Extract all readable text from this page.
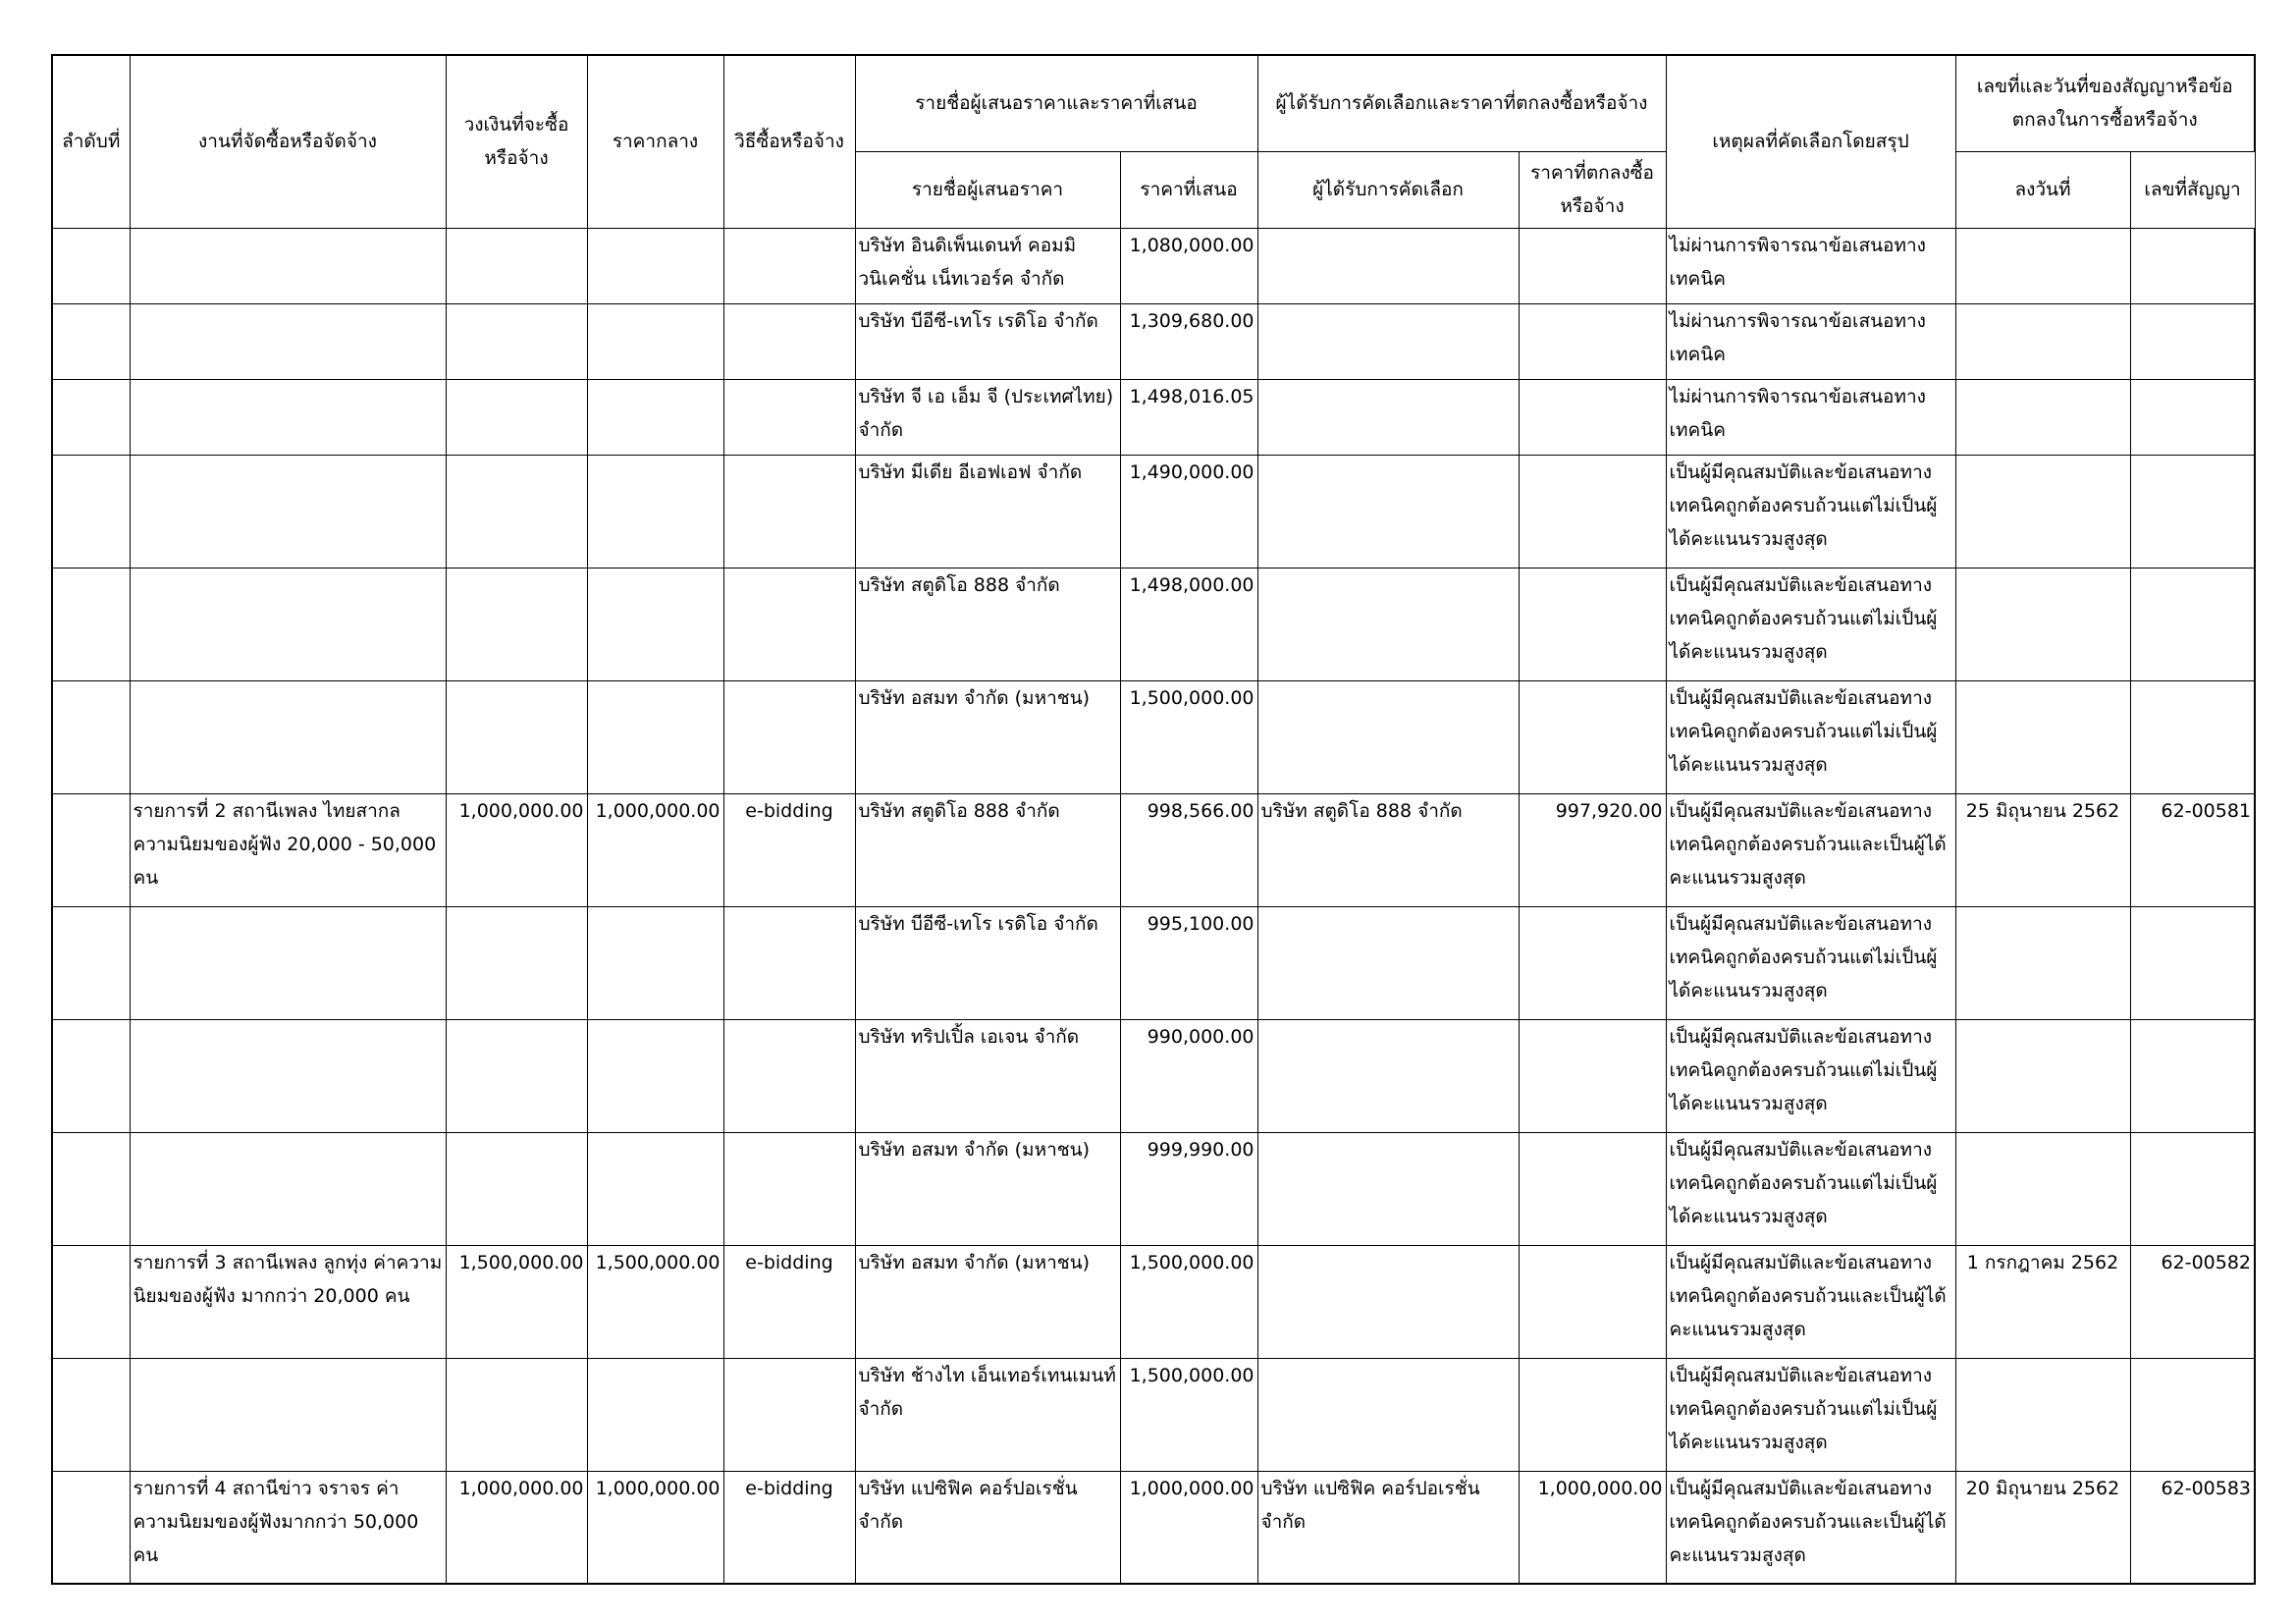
ลำดับที่	งานที่จัดซื้อหรือจัดจ้าง	วงเงินที่จะซื้อหรือจ้าง	ราคากลาง	วิธีซื้อหรือจ้าง	รายชื่อผู้เสนอราคาและราคาที่เสนอ		ผู้ได้รับการคัดเลือกและราคาที่ตกลงซื้อหรือจ้าง		เหตุผลที่คัดเลือกโดยสรุป	เลขที่และวันที่ของสัญญาหรือข้อตกลงในการซื้อหรือจ้าง	
					รายชื่อผู้เสนอราคา	ราคาที่เสนอ	ผู้ได้รับการคัดเลือก	ราคาที่ตกลงซื้อหรือจ้าง		ลงวันที่	เลขที่สัญญา
					บริษัท อินดิเพ็นเดนท์ คอมมิวนิเคชั่น เน็ทเวอร์ค จำกัด	1,080,000.00			ไม่ผ่านการพิจารณาข้อเสนอทางเทคนิค		
					บริษัท บีอีซี-เทโร เรดิโอ จำกัด	1,309,680.00			ไม่ผ่านการพิจารณาข้อเสนอทางเทคนิค		
					บริษัท จี เอ เอ็ม จี (ประเทศไทย) จำกัด	1,498,016.05			ไม่ผ่านการพิจารณาข้อเสนอทางเทคนิค		
					บริษัท มีเดีย อีเอฟเอฟ จำกัด	1,490,000.00			เป็นผู้มีคุณสมบัติและข้อเสนอทางเทคนิคถูกต้องครบถ้วนแต่ไม่เป็นผู้ได้คะแนนรวมสูงสุด		
					บริษัท สตูดิโอ 888 จำกัด	1,498,000.00			เป็นผู้มีคุณสมบัติและข้อเสนอทางเทคนิคถูกต้องครบถ้วนแต่ไม่เป็นผู้ได้คะแนนรวมสูงสุด		
					บริษัท อสมท จำกัด (มหาชน)	1,500,000.00			เป็นผู้มีคุณสมบัติและข้อเสนอทางเทคนิคถูกต้องครบถ้วนแต่ไม่เป็นผู้ได้คะแนนรวมสูงสุด		
	รายการที่ 2 สถานีเพลง ไทยสากล ความนิยมของผู้ฟัง 20,000 - 50,000 คน	1,000,000.00	1,000,000.00	e-bidding	บริษัท สตูดิโอ 888 จำกัด	998,566.00	บริษัท สตูดิโอ 888 จำกัด	997,920.00	เป็นผู้มีคุณสมบัติและข้อเสนอทางเทคนิคถูกต้องครบถ้วนและเป็นผู้ได้คะแนนรวมสูงสุด	25 มิถุนายน 2562	62-00581
					บริษัท บีอีซี-เทโร เรดิโอ จำกัด	995,100.00			เป็นผู้มีคุณสมบัติและข้อเสนอทางเทคนิคถูกต้องครบถ้วนแต่ไม่เป็นผู้ได้คะแนนรวมสูงสุด		
					บริษัท ทริปเปิ้ล เอเจน จำกัด	990,000.00			เป็นผู้มีคุณสมบัติและข้อเสนอทางเทคนิคถูกต้องครบถ้วนแต่ไม่เป็นผู้ได้คะแนนรวมสูงสุด		
					บริษัท อสมท จำกัด (มหาชน)	999,990.00			เป็นผู้มีคุณสมบัติและข้อเสนอทางเทคนิคถูกต้องครบถ้วนแต่ไม่เป็นผู้ได้คะแนนรวมสูงสุด		
	รายการที่ 3 สถานีเพลง ลูกทุ่ง ค่าความนิยมของผู้ฟัง มากกว่า 20,000 คน	1,500,000.00	1,500,000.00	e-bidding	บริษัท อสมท จำกัด (มหาชน)	1,500,000.00			เป็นผู้มีคุณสมบัติและข้อเสนอทางเทคนิคถูกต้องครบถ้วนและเป็นผู้ได้คะแนนรวมสูงสุด	1 กรกฎาคม 2562	62-00582
					บริษัท ช้างไท เอ็นเทอร์เทนเมนท์ จำกัด	1,500,000.00			เป็นผู้มีคุณสมบัติและข้อเสนอทางเทคนิคถูกต้องครบถ้วนแต่ไม่เป็นผู้ได้คะแนนรวมสูงสุด		
	รายการที่ 4 สถานีข่าว จราจร ค่าความนิยมของผู้ฟังมากกว่า 50,000 คน	1,000,000.00	1,000,000.00	e-bidding	บริษัท แปซิฟิค คอร์ปอเรชั่น จำกัด	1,000,000.00	บริษัท แปซิฟิค คอร์ปอเรชั่น จำกัด	1,000,000.00	เป็นผู้มีคุณสมบัติและข้อเสนอทางเทคนิคถูกต้องครบถ้วนและเป็นผู้ได้คะแนนรวมสูงสุด	20 มิถุนายน 2562	62-00583
